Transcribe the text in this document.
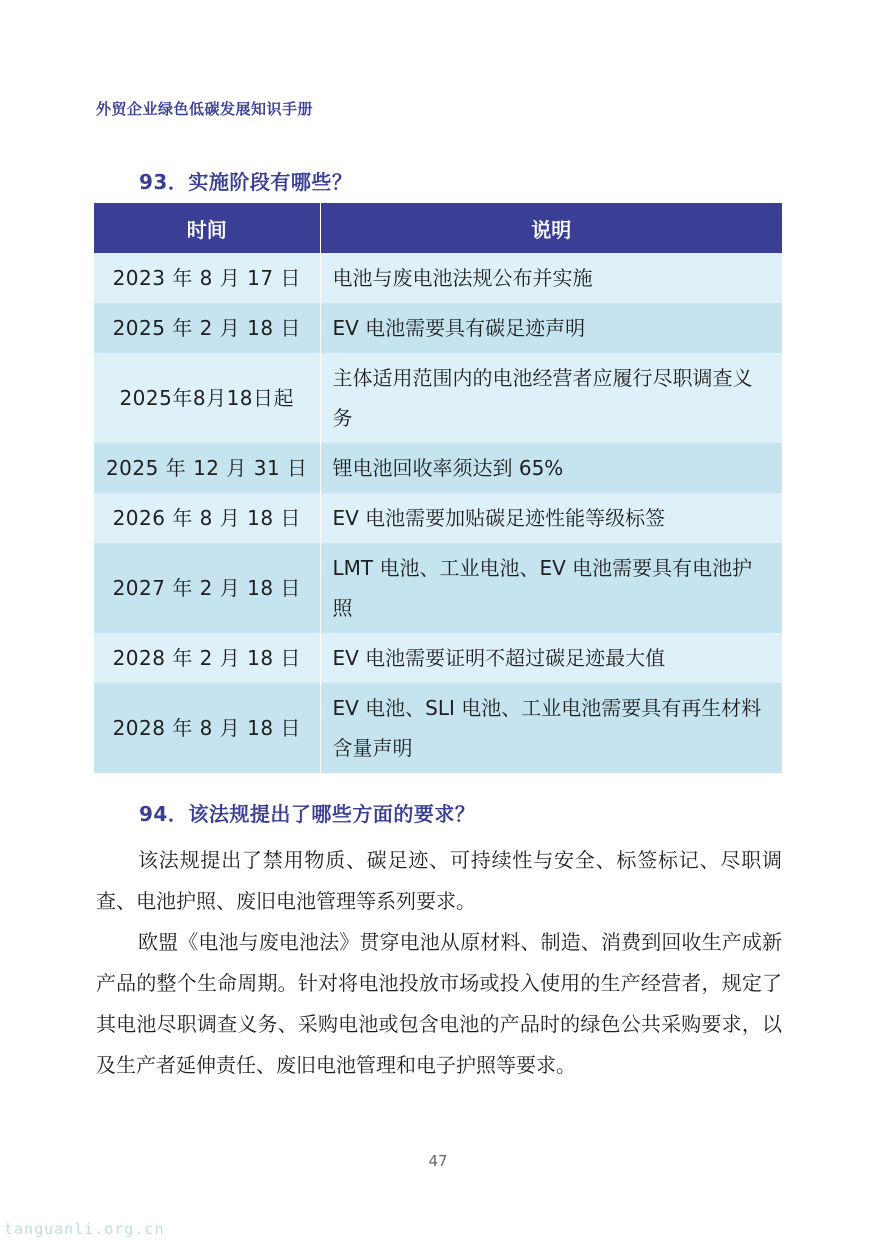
外贸企业绿色低碳发展知识手册
93．实施阶段有哪些？
时间	说明
2023 年 8 月 17 日	电池与废电池法规公布并实施
2025 年 2 月 18 日	EV 电池需要具有碳足迹声明
2025年8月18日起	主体适用范围内的电池经营者应履行尽职调查义务
2025 年 12 月 31 日	锂电池回收率须达到 65%
2026 年 8 月 18 日	EV 电池需要加贴碳足迹性能等级标签
2027 年 2 月 18 日	LMT 电池、工业电池、EV 电池需要具有电池护照
2028 年 2 月 18 日	EV 电池需要证明不超过碳足迹最大值
2028 年 8 月 18 日	EV 电池、SLI 电池、工业电池需要具有再生材料含量声明
94．该法规提出了哪些方面的要求？

该法规提出了禁用物质、碳足迹、可持续性与安全、标签标记、尽职调查、电池护照、废旧电池管理等系列要求。

欧盟《电池与废电池法》贯穿电池从原材料、制造、消费到回收生产成新产品的整个生命周期。针对将电池投放市场或投入使用的生产经营者，规定了其电池尽职调查义务、采购电池或包含电池的产品时的绿色公共采购要求，以及生产者延伸责任、废旧电池管理和电子护照等要求。

47
tanguanli.org.cn
